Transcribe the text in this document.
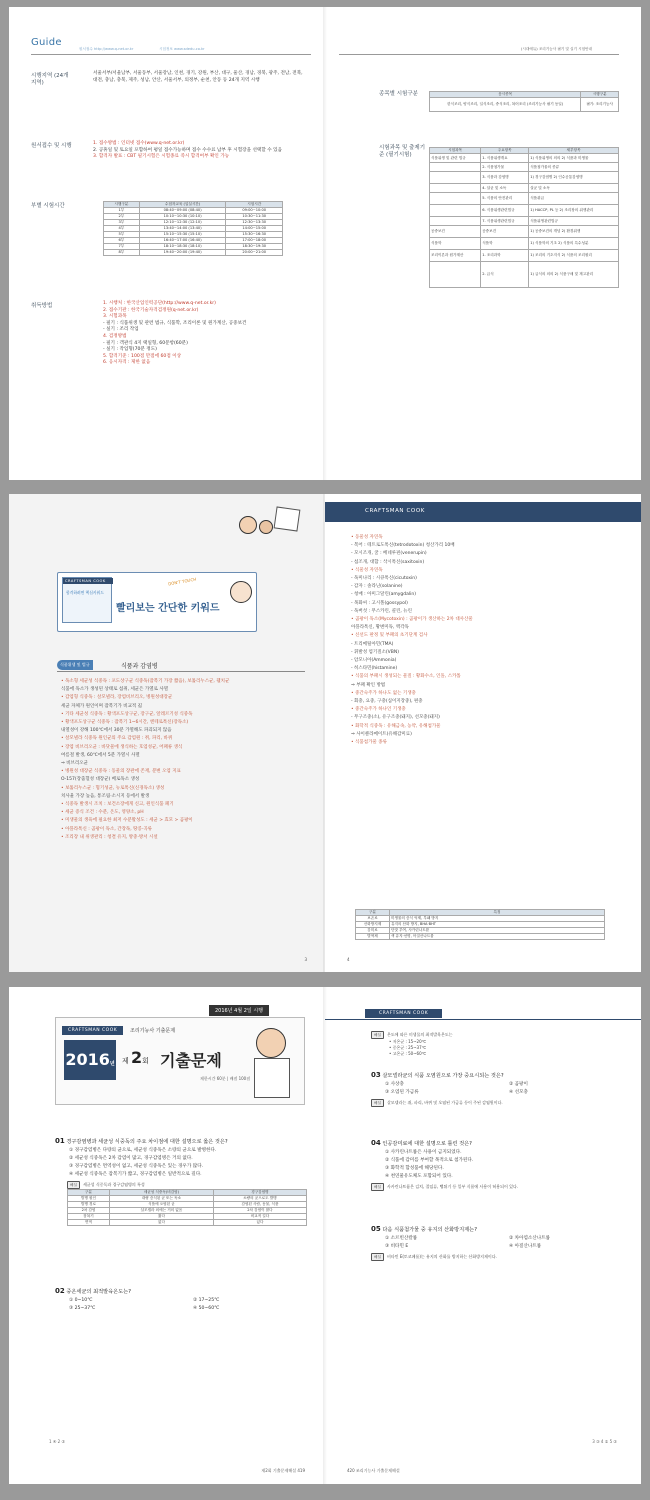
Guide
원서접수 http://www.q-net.or.kr	시험정보 www.sdedu.co.kr
시행지역 (24개 지역)
서울서부/서울남부, 서울동부, 서울강남, 인천, 경기, 강원, 부산, 대구, 울산, 경남, 경북, 광주, 전남, 전북, 대전, 충남, 충북, 제주, 성남, 안산, 서울서부, 의정부, 순천, 안동 등 24개 지역 시행
원서접수 및 시행	1. 접수방법 : 인터넷 접수(www.q-net.or.kr)
2. 공휴일 및 토요일 포함하여 평일 접수가능하며 접수 수수료 납부 후 시험장을 선택할 수 있음
3. 합격자 발표 : CBT 필기시험은 시험종료 즉시 합격여부 확인 가능
부별 시험시간	시행구분	수험자교육 (입실시간)	시험시간
1부	08:40~09:00 (08:40)	09:00~10:00
2부	10:10~10:30 (10:10)	10:30~11:30
3부	12:10~12:30 (12:10)	12:30~13:30
4부	13:40~14:00 (13:40)	14:00~15:00
5부	15:10~15:30 (15:10)	15:30~16:30
6부	16:40~17:00 (16:40)	17:00~18:00
7부	18:10~18:30 (18:10)	18:30~19:30
8부	19:40~20:00 (19:40)	20:00~21:00
취득방법	1. 시행처 : 한국산업인력공단(http://www.q-net.or.kr)
2. 접수기관 : 한국기술자격검정원(q-net.or.kr)
3. 시험과목
- 필기 : 식품위생 및 관련 법규, 식품학, 조리이론 및 원가계산, 공중보건
- 실기 : 조리 작업
4. 검정방법
- 필기 : 객관식 4지 택일형, 60문항(60분)
- 실기 : 작업형(70분 정도)
5. 합격기준 : 100점 만점에 60점 이상
6. 응시자격 : 제한 없음
(시대에듀) 조리기능사 필기 및 실기 시험안내
종목별 시험구분	응시종목	시행구분
한식조리, 양식조리, 일식조리, 중식조리, 복어조리 (조리기능사 필기 동일)	필기: 조리기능사
시험과목 및 출제기준 (필기시험)
시험과목	주요항목	세부항목
식품위생 및 관련 법규	1. 식품위생개요	1) 식품위생의 의의 2) 식품과 미생물
	2. 식품첨가물	식품첨가물의 종류
	3. 식품과 감염병	1) 경구감염병 2) 인수공통감염병
	4. 살균 및 소독	살균 및 소독
	5. 식품의 안전관리	식품취급
	6. 식품위생관련법규	1) HACCP, PL 등 2) 조리장의 위생관리
	7. 식품위생관련법규	식품위생관련법규
공중보건	공중보건	1) 공중보건의 개념 2) 환경위생
식품학	식품학	1) 식품학의 기초 2) 식품의 특수성분
조리이론과 원가계산	1. 조리과학	1) 조리의 기초지식 2) 식품의 조리원리
	2. 급식	1) 급식의 의의 2) 식품구매 및 재고관리
CRAFTSMAN COOK
합격하려면 핵심키워드
DON'T TOUCH
빨리보는 간단한 키워드
식품위생 및 법규	식품과 감염병
• 독소형 세균성 식중독 : 포도상구균 식중독(잠복기 가장 짧음), 보툴리누스균, 웰치균
식품에 독소가 생성된 상태로 섭취, 세균은 가열로 사멸
• 감염형 식중독 : 살모넬라, 장염비브리오, 병원성대장균
세균 자체가 원인이며 잠복기가 비교적 긺
• 기타 세균성 식중독 : 황색포도상구균, 장구균, 알레르기성 식중독
• 황색포도상구균 식중독 : 잠복기 1~6시간, 엔테로톡신(장독소)
내열성이 강해 100℃에서 30분 가열해도 파괴되지 않음
• 살모넬라 식중독 원인균의 주요 감염원 : 쥐, 파리, 바퀴
• 장염 비브리오균 : 바닷물에 생식하는 호염성균, 어패류 생식
여름철 발생, 60℃에서 5분 가열시 사멸
⇒ 비브리오균
• 병원성 대장균 식중독 : 동물의 장관에 존재, 분변 오염 지표
O-157(장출혈성 대장균) 베로독소 생성
• 보툴리누스균 : 혐기성균, 뉴로톡신(신경독소) 생성
치사율 가장 높음, 통조림·소시지 등에서 발생
• 식중독 발생시 조치 : 보건소장에게 신고, 원인식품 폐기
• 세균 증식 조건 : 수분, 온도, 영양소, pH
• 미생물의 생육에 필요한 최저 수분활성도 : 세균 > 효모 > 곰팡이
• 아플라톡신 : 곰팡이 독소, 간장독, 땅콩·곡류
• 조리장 내 위생관리 : 청결 유지, 방충·방서 시설
3
CRAFTSMAN COOK
• 동물성 자연독
- 복어 : 테트로도톡신(tetrodotoxin) 청산가리 10배
- 모시조개, 굴 : 베네루핀(venerupin)
- 섭조개, 대합 : 삭시톡신(saxitoxin)
• 식물성 자연독
- 독미나리 : 시큐톡신(cicutoxin)
- 감자 : 솔라닌(solanine)
- 청매 : 아미그달린(amygdalin)
- 목화씨 : 고시폴(gossypol)
- 독버섯 : 무스카린, 콜린, 뉴린
• 곰팡이 독소(Mycotoxin) : 곰팡이가 생산하는 2차 대사산물
아플라톡신, 황변미독, 맥각독
• 신선도 판정 및 부패의 초기단계 검사
- 트리메틸아민(TMA)
- 휘발성 염기질소(VBN)
- 암모니아(Ammonia)
- 히스타민(histamine)
• 식품의 부패시 생성되는 물질 : 황화수소, 인돌, 스카톨
⇒ 부패 확인 방법
• 중간숙주가 하나도 없는 기생충
- 회충, 요충, 구충(십이지장충), 편충
• 중간숙주가 하나인 기생충
- 무구조충(소), 유구조충(돼지), 선모충(돼지)
• 화학적 식중독 : 유해금속, 농약, 유해첨가물
⇒ 사이클라메이트(유해감미료)
• 식품첨가물 종류
구분	특징
보존료	미생물의 증식 억제, 부패 방지
산화방지제	유지의 산화 방지, BHA·BHT
감미료	단맛 부여, 사카린나트륨
발색제	색 유지·선명, 아질산나트륨
4
2016년 4월 2일 시행
CRAFTSMAN COOK	조리기능사 기출문제
2016년 제 2회 기출문제
제한시간 60분 | 배점 100점
01 경구감염병과 세균성 식중독의 주요 차이점에 대한 설명으로 옳은 것은?
① 경구감염병은 다량의 균으로, 세균성 식중독은 소량의 균으로 발병한다.
② 세균성 식중독은 2차 감염이 많고, 경구감염병은 거의 없다.
③ 경구감염병은 면역성이 없고, 세균성 식중독은 있는 경우가 많다.
④ 세균성 식중독은 잠복기가 짧고, 경구감염병은 일반적으로 길다.
해설 세균성 식중독과 경구감염병의 특성
구분	세균성 식중독(비감염)	경구감염병
발병 원인	대량 증식된 균 또는 독소	소량의 균으로도 발병
발병 경로	식품에 오염된 균	감염된 사람, 동물, 식품
2차 감염	살모넬라 외에는 거의 없음	2차 감염이 많다
잠복기	짧다	비교적 길다
면역	없다	있다
02 중온세균의 최적발육온도는?
① 0~10℃	② 17~25℃
③ 25~37℃	④ 50~60℃
1 ④ 2 ③
제2회 기출문제해설 419
CRAFTSMAN COOK
해설 온도에 따른 미생물의 최적발육온도는
• 저온균 : 15~20℃
• 중온균 : 25~37℃
• 고온균 : 50~60℃
03 살모넬라균의 식품 오염원으로 가장 중요시되는 것은?
① 사상충	② 곰팡이
③ 오염된 가금류	④ 선모충
해설 살모넬라는 쥐, 파리, 바퀴 및 오염된 가금류 등이 주된 감염원이다.
04 인공감미료에 대한 설명으로 틀린 것은?
① 사카린나트륨은 사용이 금지되었다.
② 식품에 감미를 부여할 목적으로 첨가된다.
③ 화학적 합성품에 해당된다.
④ 천연물유도체도 포함되어 있다.
해설 사카린나트륨은 김치, 절임류, 뻥튀기 등 일부 식품에 사용이 허용되어 있다.
05 다음 식품첨가물 중 유지의 산화방지제는?
① 소르빈산칼륨	② 차아염소산나트륨
③ 비타민 E	④ 아질산나트륨
해설 비타민 E(토코페롤)는 유지의 산화를 방지하는 산화방지제이다.
3 ③ 4 ① 5 ③
420 조리기능사 기출문제해설
